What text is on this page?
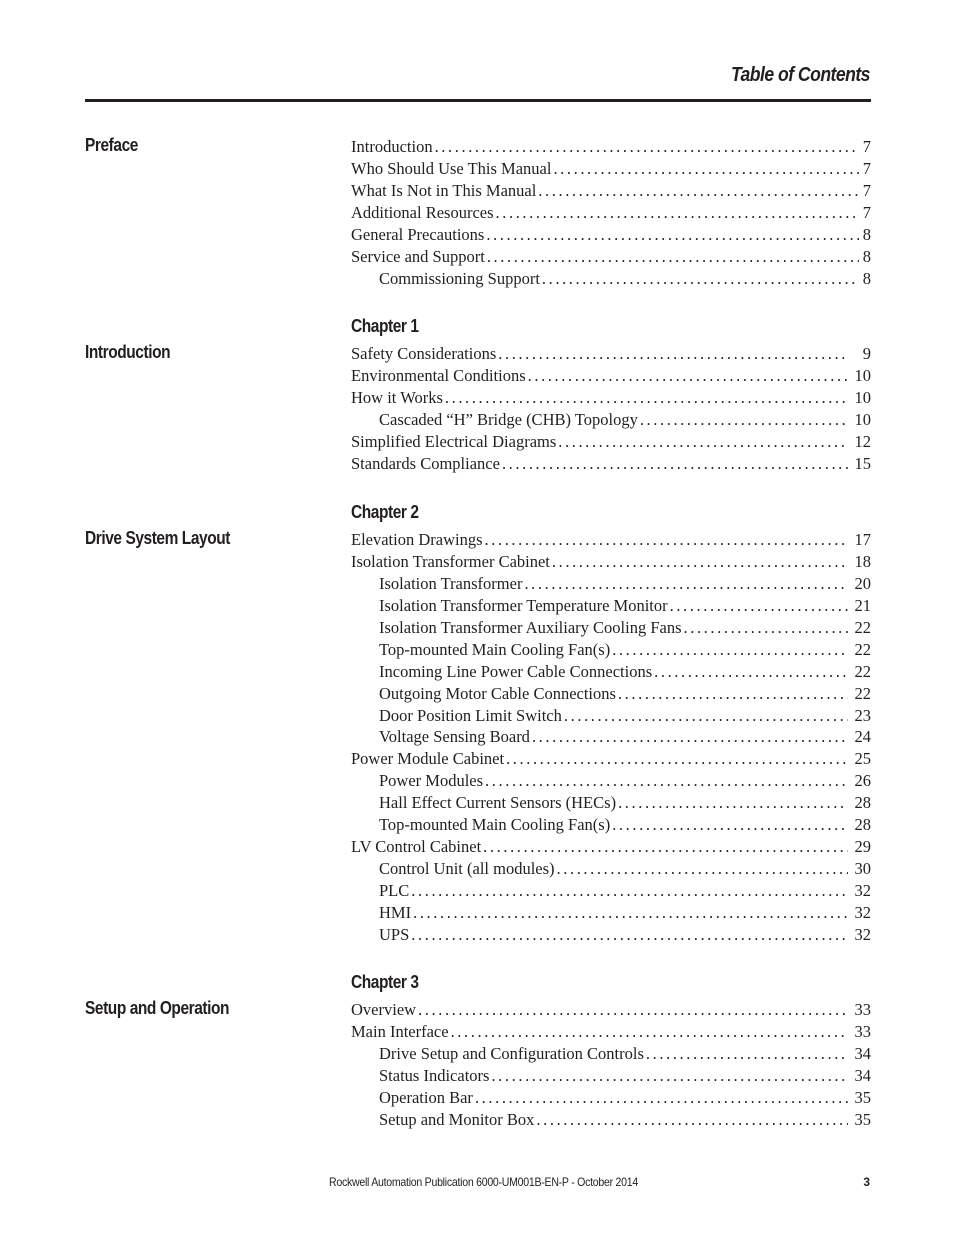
Table of Contents
Preface	Introduction .....	7
Who Should Use This Manual .....	7
What Is Not in This Manual .....	7
Additional Resources .....	7
General Precautions .....	8
Service and Support .....	8
Commissioning Support .....	8
Chapter 1
Introduction	Safety Considerations .....	9
Environmental Conditions .....	10
How it Works .....	10
Cascaded “H” Bridge (CHB) Topology .....	10
Simplified Electrical Diagrams .....	12
Standards Compliance .....	15
Chapter 2
Drive System Layout	Elevation Drawings .....	17
Isolation Transformer Cabinet .....	18
Isolation Transformer .....	20
Isolation Transformer Temperature Monitor .....	21
Isolation Transformer Auxiliary Cooling Fans .....	22
Top-mounted Main Cooling Fan(s) .....	22
Incoming Line Power Cable Connections .....	22
Outgoing Motor Cable Connections .....	22
Door Position Limit Switch .....	23
Voltage Sensing Board .....	24
Power Module Cabinet .....	25
Power Modules .....	26
Hall Effect Current Sensors (HECs) .....	28
Top-mounted Main Cooling Fan(s) .....	28
LV Control Cabinet .....	29
Control Unit (all modules) .....	30
PLC .....	32
HMI .....	32
UPS .....	32
Chapter 3
Setup and Operation	Overview .....	33
Main Interface .....	33
Drive Setup and Configuration Controls .....	34
Status Indicators .....	34
Operation Bar .....	35
Setup and Monitor Box .....	35
Rockwell Automation Publication 6000-UM001B-EN-P - October 2014	3
